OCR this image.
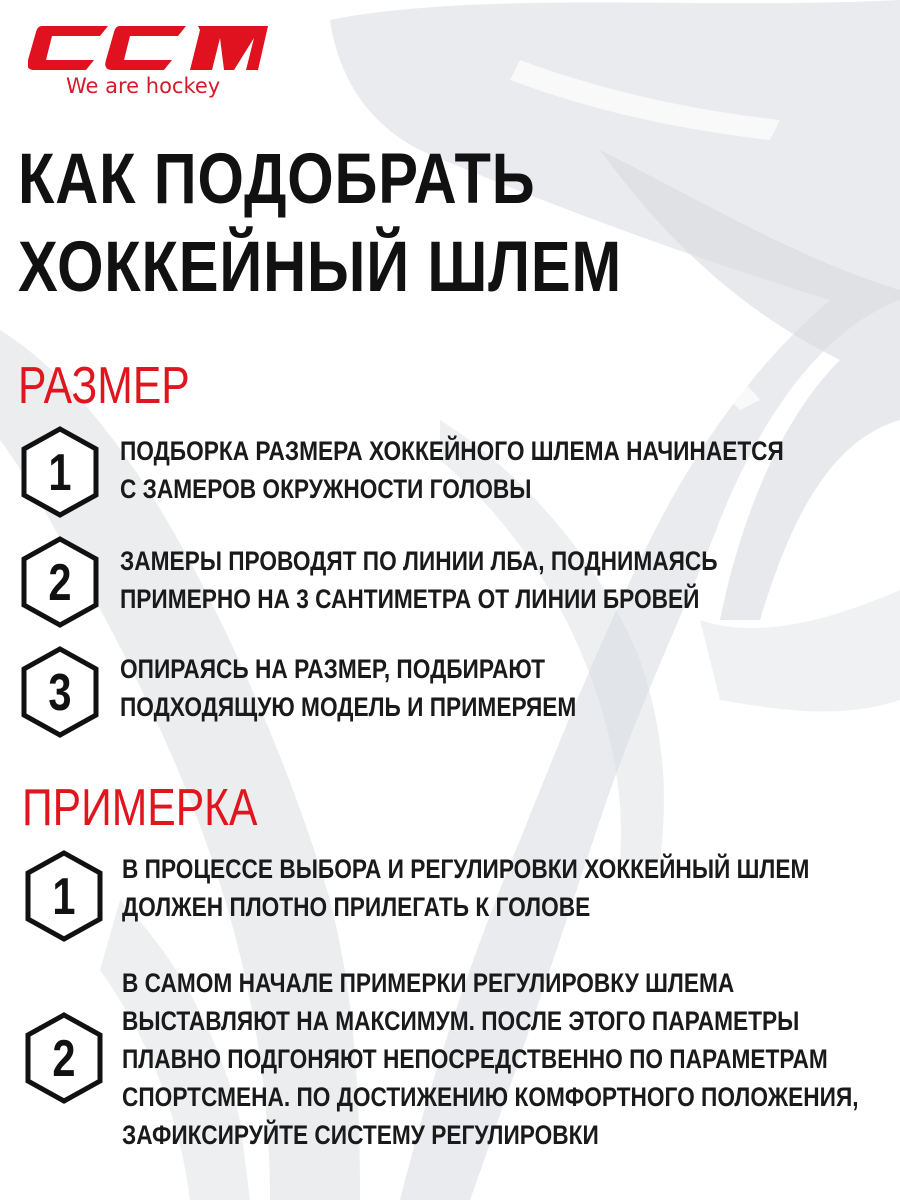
We are hockey
КАК ПОДОБРАТЬ
ХОККЕЙНЫЙ ШЛЕМ
РАЗМЕР
1 ПОДБОРКА РАЗМЕРА ХОККЕЙНОГО ШЛЕМА НАЧИНАЕТСЯ
С ЗАМЕРОВ ОКРУЖНОСТИ ГОЛОВЫ
2 ЗАМЕРЫ ПРОВОДЯТ ПО ЛИНИИ ЛБА, ПОДНИМАЯСЬ
ПРИМЕРНО НА 3 САНТИМЕТРА ОТ ЛИНИИ БРОВЕЙ
3 ОПИРАЯСЬ НА РАЗМЕР, ПОДБИРАЮТ
ПОДХОДЯЩУЮ МОДЕЛЬ И ПРИМЕРЯЕМ
ПРИМЕРКА
1 В ПРОЦЕССЕ ВЫБОРА И РЕГУЛИРОВКИ ХОККЕЙНЫЙ ШЛЕМ
ДОЛЖЕН ПЛОТНО ПРИЛЕГАТЬ К ГОЛОВЕ
2
В САМОМ НАЧАЛЕ ПРИМЕРКИ РЕГУЛИРОВКУ ШЛЕМА
ВЫСТАВЛЯЮТ НА МАКСИМУМ. ПОСЛЕ ЭТОГО ПАРАМЕТРЫ
ПЛАВНО ПОДГОНЯЮТ НЕПОСРЕДСТВЕННО ПО ПАРАМЕТРАМ
СПОРТСМЕНА. ПО ДОСТИЖЕНИЮ КОМФОРТНОГО ПОЛОЖЕНИЯ,
ЗАФИКСИРУЙТЕ СИСТЕМУ РЕГУЛИРОВКИ
